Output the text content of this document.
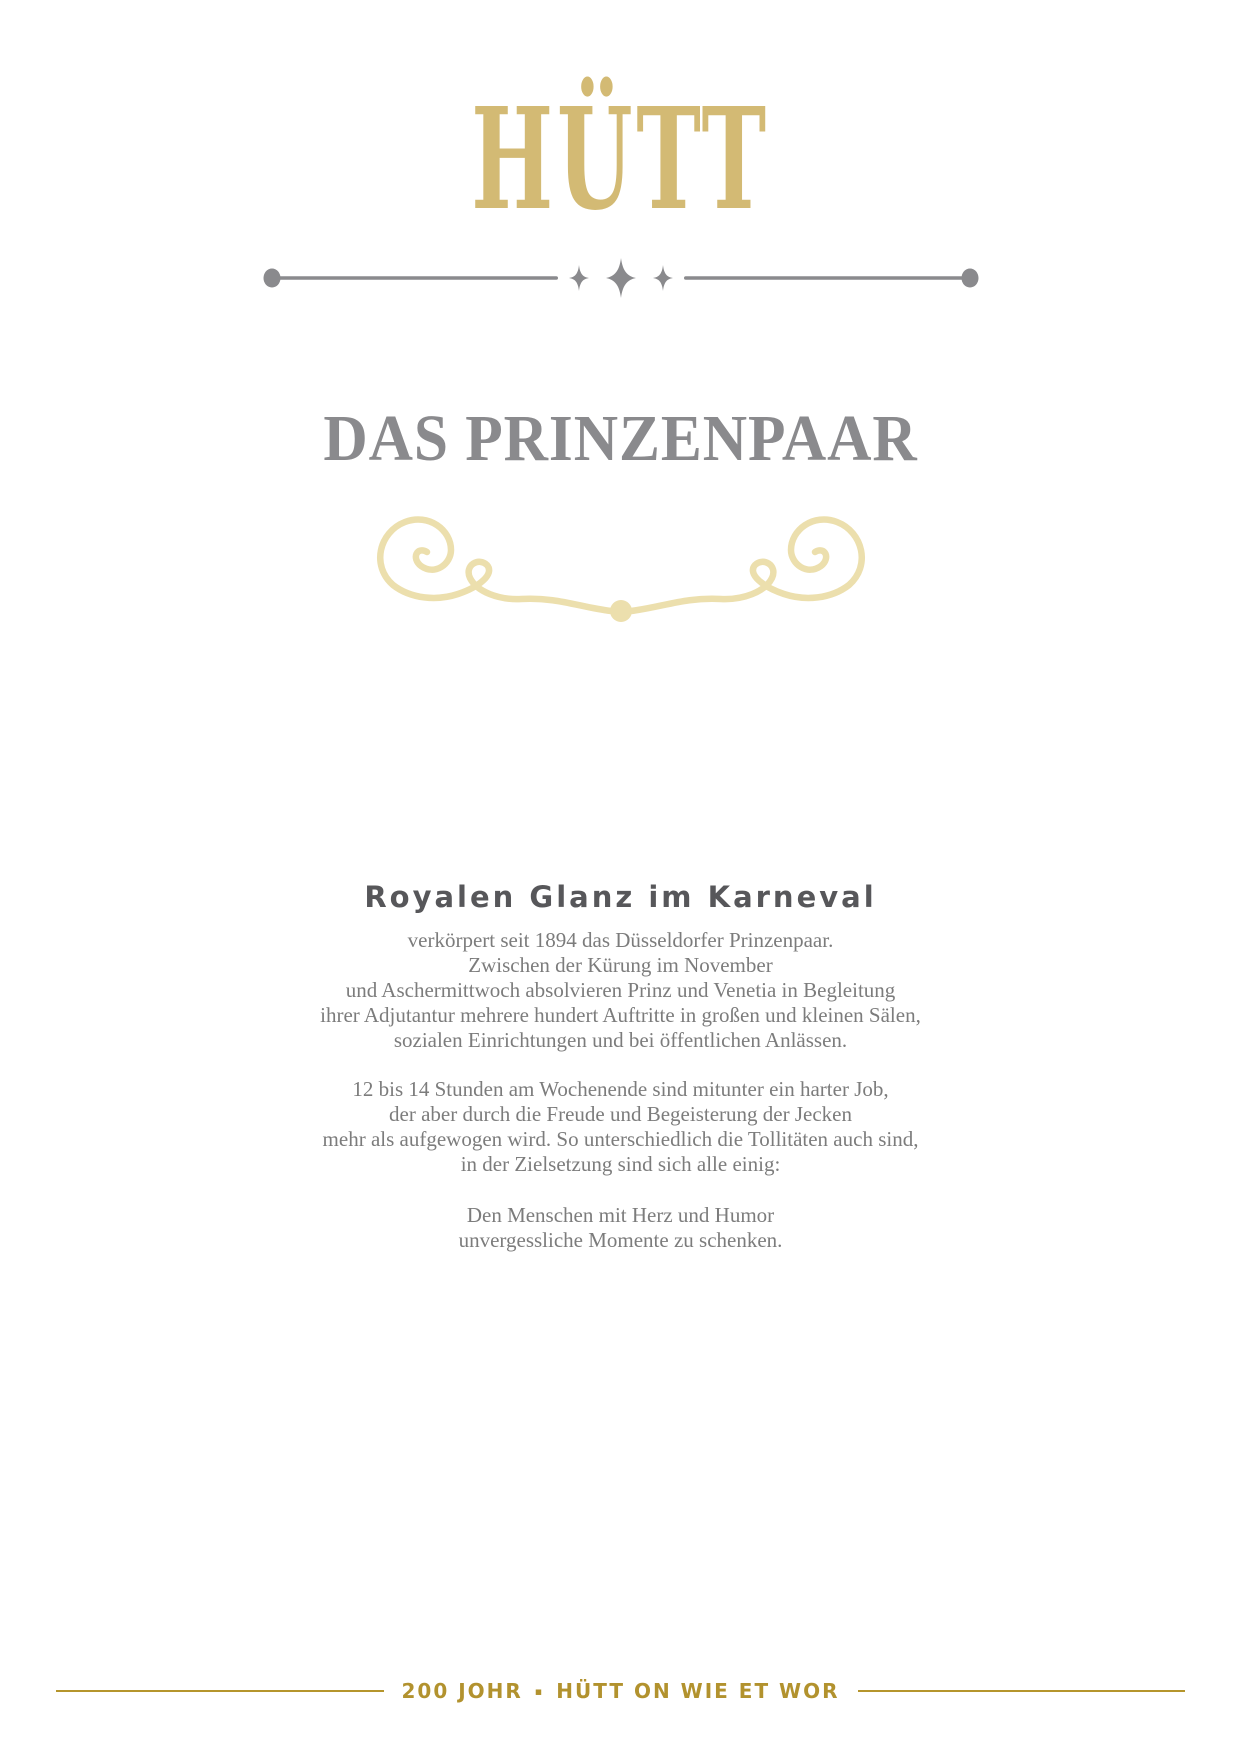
HÜTT
DAS PRINZENPAAR
Royalen Glanz im Karneval
verkörpert seit 1894 das Düsseldorfer Prinzenpaar.
Zwischen der Kürung im November
und Aschermittwoch absolvieren Prinz und Venetia in Begleitung
ihrer Adjutantur mehrere hundert Auftritte in großen und kleinen Sälen,
sozialen Einrichtungen und bei öffentlichen Anlässen.
12 bis 14 Stunden am Wochenende sind mitunter ein harter Job,
der aber durch die Freude und Begeisterung der Jecken
mehr als aufgewogen wird. So unterschiedlich die Tollitäten auch sind,
in der Zielsetzung sind sich alle einig:
Den Menschen mit Herz und Humor
unvergessliche Momente zu schenken.
200 JOHR ▪ HÜTT ON WIE ET WOR
